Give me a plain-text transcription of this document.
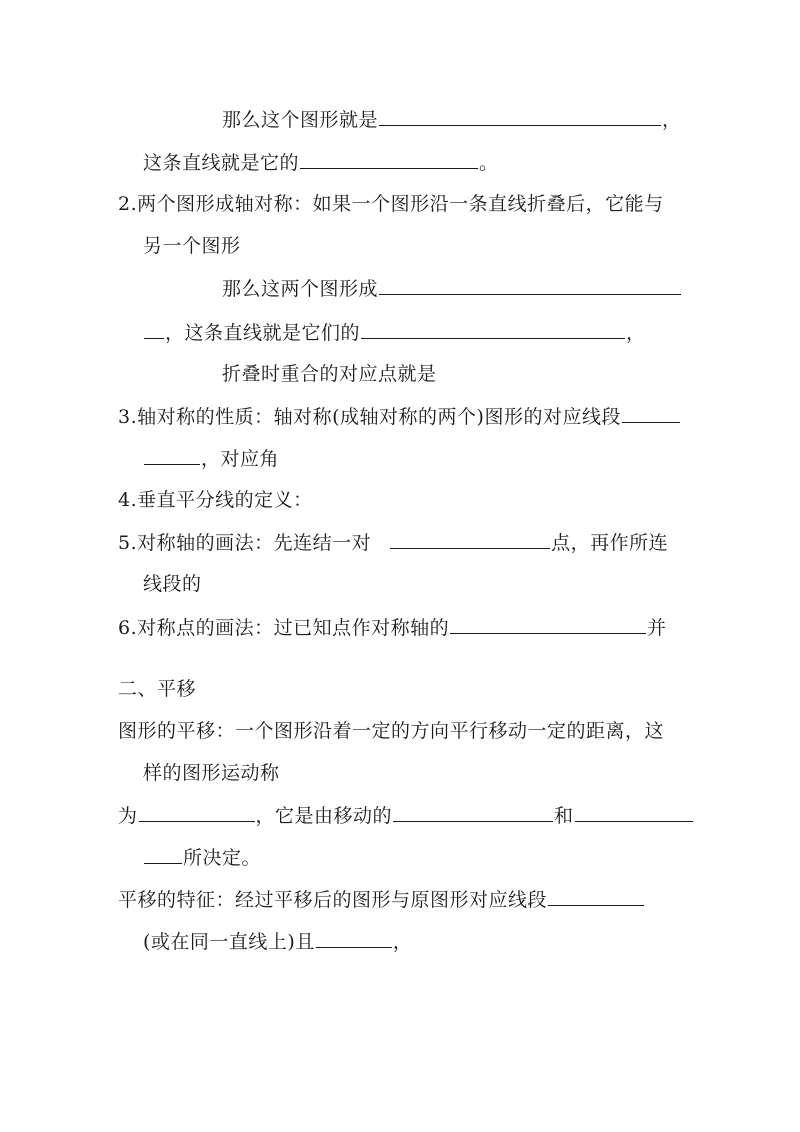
那么这个图形就是	，
这条直线就是它的	。
2.两个图形成轴对称：如果一个图形沿一条直线折叠后，它能与
另一个图形
那么这两个图形成
，这条直线就是它们的	，
折叠时重合的对应点就是
3.轴对称的性质：轴对称(成轴对称的两个)图形的对应线段
，对应角
4.垂直平分线的定义：
5.对称轴的画法：先连结一对	点，再作所连
线段的
6.对称点的画法：过已知点作对称轴的	并
二、平移
图形的平移：一个图形沿着一定的方向平行移动一定的距离，这
样的图形运动称
为	，它是由移动的	和
所决定。
平移的特征：经过平移后的图形与原图形对应线段
(或在同一直线上)且	，
